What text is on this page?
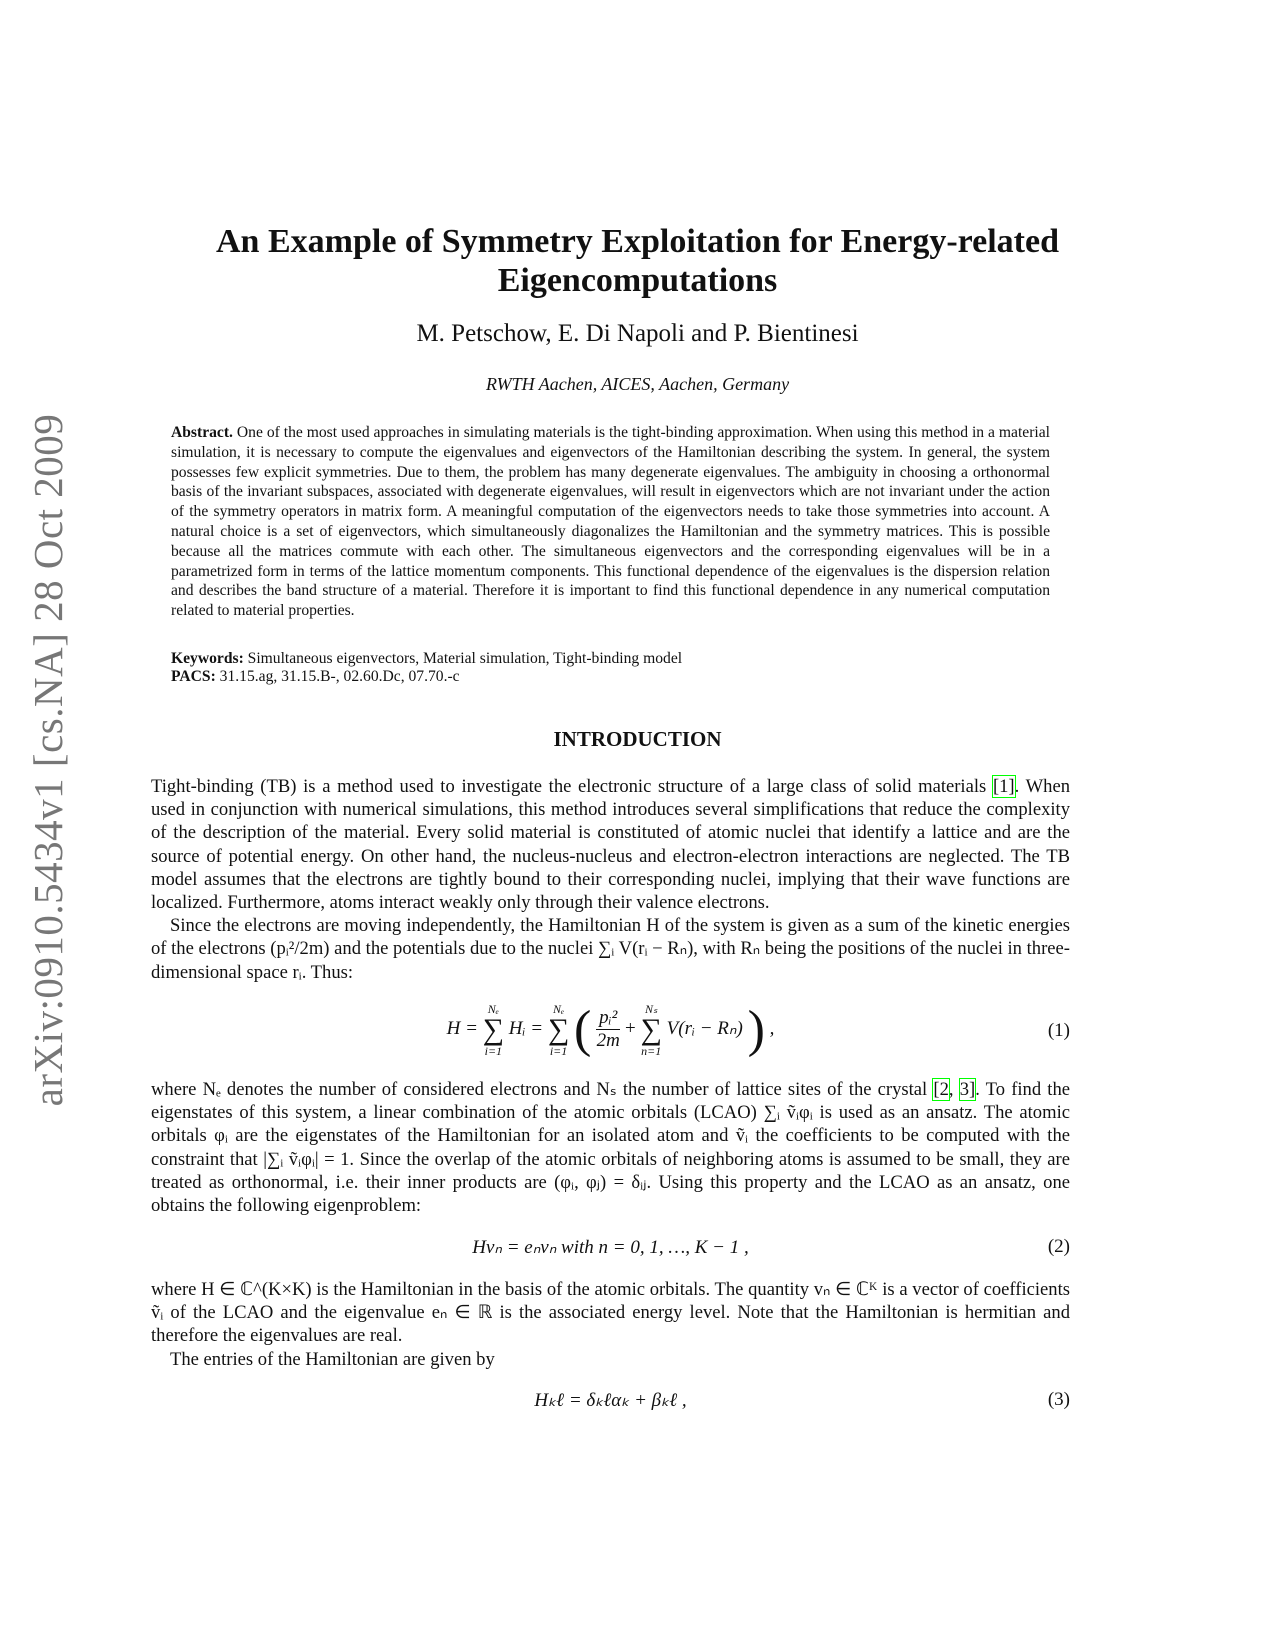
arXiv:0910.5434v1 [cs.NA] 28 Oct 2009
An Example of Symmetry Exploitation for Energy-related Eigencomputations
M. Petschow, E. Di Napoli and P. Bientinesi
RWTH Aachen, AICES, Aachen, Germany
Abstract. One of the most used approaches in simulating materials is the tight-binding approximation. When using this method in a material simulation, it is necessary to compute the eigenvalues and eigenvectors of the Hamiltonian describing the system. In general, the system possesses few explicit symmetries. Due to them, the problem has many degenerate eigenvalues. The ambiguity in choosing a orthonormal basis of the invariant subspaces, associated with degenerate eigenvalues, will result in eigenvectors which are not invariant under the action of the symmetry operators in matrix form. A meaningful computation of the eigenvectors needs to take those symmetries into account. A natural choice is a set of eigenvectors, which simultaneously diagonalizes the Hamiltonian and the symmetry matrices. This is possible because all the matrices commute with each other. The simultaneous eigenvectors and the corresponding eigenvalues will be in a parametrized form in terms of the lattice momentum components. This functional dependence of the eigenvalues is the dispersion relation and describes the band structure of a material. Therefore it is important to find this functional dependence in any numerical computation related to material properties.
Keywords: Simultaneous eigenvectors, Material simulation, Tight-binding model
PACS: 31.15.ag, 31.15.B-, 02.60.Dc, 07.70.-c
INTRODUCTION

Tight-binding (TB) is a method used to investigate the electronic structure of a large class of solid materials [1]. When used in conjunction with numerical simulations, this method introduces several simplifications that reduce the complexity of the description of the material. Every solid material is constituted of atomic nuclei that identify a lattice and are the source of potential energy. On other hand, the nucleus-nucleus and electron-electron interactions are neglected. The TB model assumes that the electrons are tightly bound to their corresponding nuclei, implying that their wave functions are localized. Furthermore, atoms interact weakly only through their valence electrons.

Since the electrons are moving independently, the Hamiltonian H of the system is given as a sum of the kinetic energies of the electrons (pᵢ²/2m) and the potentials due to the nuclei ∑ᵢ V(rᵢ − Rₙ), with Rₙ being the positions of the nuclei in three-dimensional space rᵢ. Thus:

H =
Nₑ
∑
i=1
Hᵢ =
Nₑ
∑
i=1 ( $\frac{\text{pᵢ²}}{2m}$ +
Nₛ
∑
n=1
V(rᵢ − Rₙ) ) ,	(1)

where Nₑ denotes the number of considered electrons and Nₛ the number of lattice sites of the crystal [2, 3]. To find the eigenstates of this system, a linear combination of the atomic orbitals (LCAO) ∑ᵢ ṽᵢφᵢ is used as an ansatz. The atomic orbitals φᵢ are the eigenstates of the Hamiltonian for an isolated atom and ṽᵢ the coefficients to be computed with the constraint that |∑ᵢ ṽᵢφᵢ| = 1. Since the overlap of the atomic orbitals of neighboring atoms is assumed to be small, they are treated as orthonormal, i.e. their inner products are (φᵢ, φⱼ) = δᵢⱼ. Using this property and the LCAO as an ansatz, one obtains the following eigenproblem:

Hvₙ = eₙvₙ with n = 0, 1, …, K − 1 ,	(2)

where H ∈ ℂ^(K×K) is the Hamiltonian in the basis of the atomic orbitals. The quantity vₙ ∈ ℂᴷ is a vector of coefficients ṽᵢ of the LCAO and the eigenvalue eₙ ∈ ℝ is the associated energy level. Note that the Hamiltonian is hermitian and therefore the eigenvalues are real.

The entries of the Hamiltonian are given by

Hₖℓ = δₖℓαₖ + βₖℓ ,	(3)
